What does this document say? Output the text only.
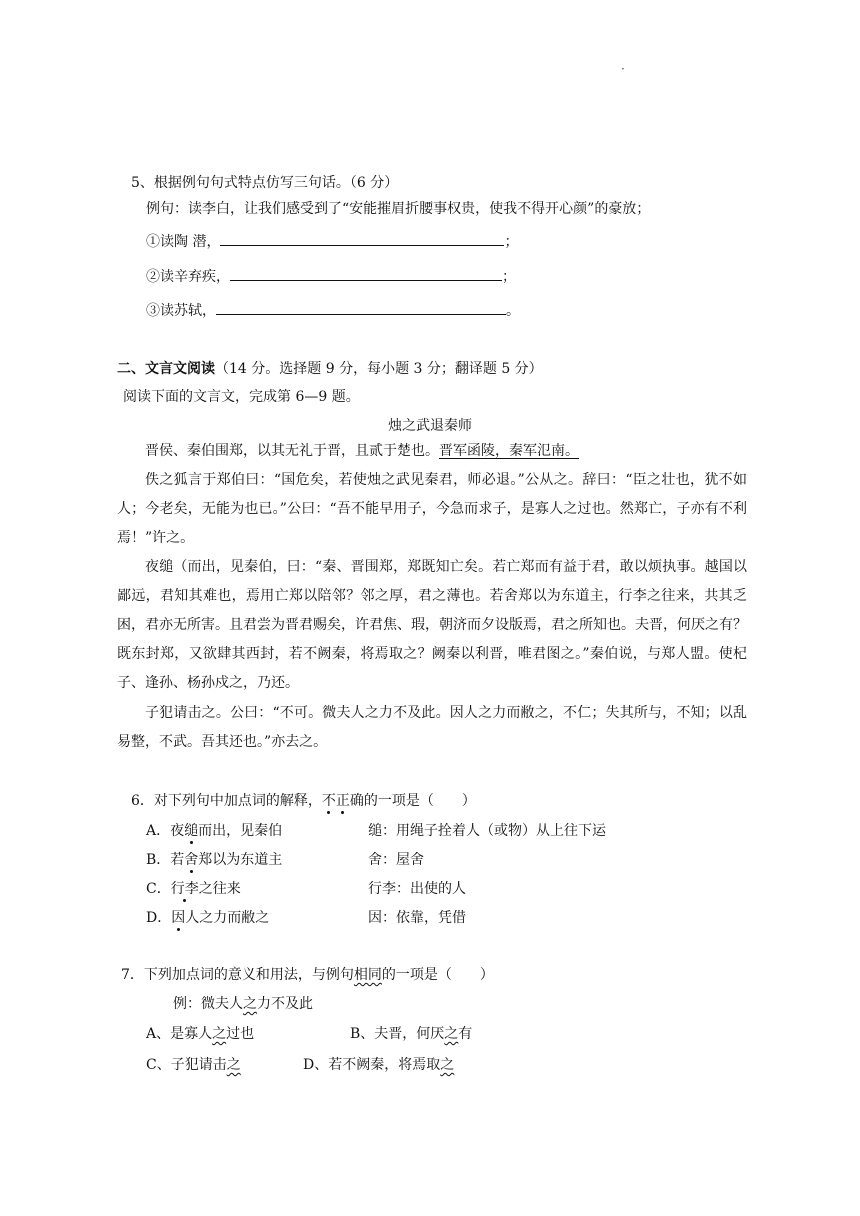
·
5、根据例句句式特点仿写三句话。（6 分）
例句：读李白，让我们感受到了“安能摧眉折腰事权贵，使我不得开心颜”的豪放；
①读陶 潜，	；
②读辛弃疾，	；
③读苏轼，	。
二、文言文阅读（14 分。选择题 9 分，每小题 3 分；翻译题 5 分）
阅读下面的文言文，完成第 6—9 题。
烛之武退秦师
晋侯、秦伯围郑，以其无礼于晋，且贰于楚也。晋军函陵，秦军氾南。
佚之狐言于郑伯曰：“国危矣，若使烛之武见秦君，师必退。”公从之。辞曰：“臣之壮也，犹不如人；今老矣，无能为也已。”公曰：“吾不能早用子，今急而求子，是寡人之过也。然郑亡，子亦有不利焉！”许之。
夜缒（而出，见秦伯，曰：“秦、晋围郑，郑既知亡矣。若亡郑而有益于君，敢以烦执事。越国以鄙远，君知其难也，焉用亡郑以陪邻？邻之厚，君之薄也。若舍郑以为东道主，行李之往来，共其乏困，君亦无所害。且君尝为晋君赐矣，许君焦、瑕，朝济而夕设版焉，君之所知也。夫晋，何厌之有？既东封郑，又欲肆其西封，若不阙秦，将焉取之？阙秦以利晋，唯君图之。”秦伯说，与郑人盟。使杞子、逢孙、杨孙戍之，乃还。
子犯请击之。公曰：“不可。微夫人之力不及此。因人之力而敝之，不仁；失其所与，不知；以乱易整，不武。吾其还也。”亦去之。
6．对下列句中加点词的解释，不正确的一项是（　　）
A．夜缒而出，见秦伯	缒：用绳子拴着人（或物）从上往下运
B．若舍郑以为东道主	舍：屋舍
C．行李之往来	行李：出使的人
D．因人之力而敝之	因：依靠，凭借
7．下列加点词的意义和用法，与例句相同的一项是（　　）
例：微夫人之力不及此
A、是寡人之过也	B、夫晋，何厌之有
C、子犯请击之	D、若不阙秦，将焉取之
